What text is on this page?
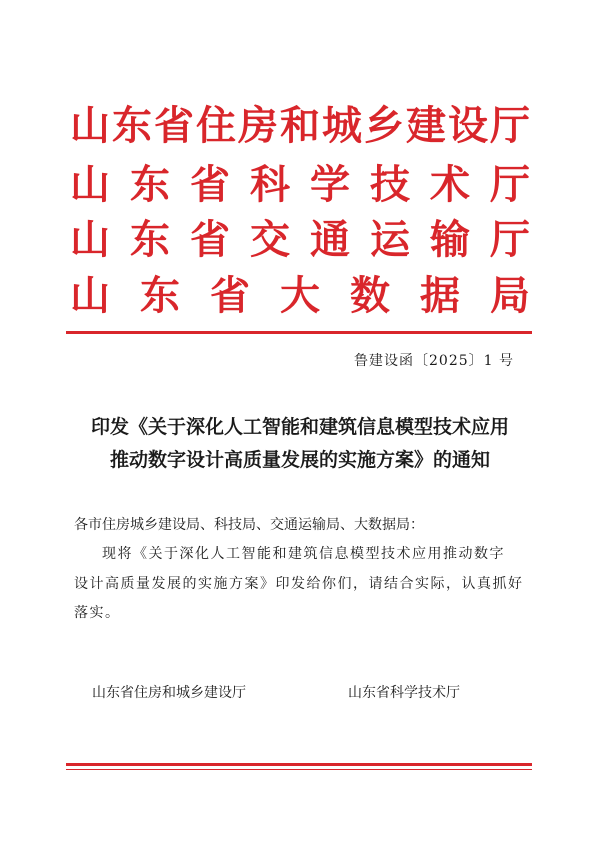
山 东 省 住 房 和 城 乡 建 设 厅
山 东 省 科 学 技 术 厅
山 东 省 交 通 运 输 厅
山 东 省 大 数 据 局
鲁建设函〔2025〕1 号
印发《关于深化人工智能和建筑信息模型技术应用
推动数字设计高质量发展的实施方案》的通知
各市住房城乡建设局、科技局、交通运输局、大数据局：
现将《关于深化人工智能和建筑信息模型技术应用推动数字
设计高质量发展的实施方案》印发给你们，请结合实际，认真抓好
落实。
山东省住房和城乡建设厅	山东省科学技术厅
